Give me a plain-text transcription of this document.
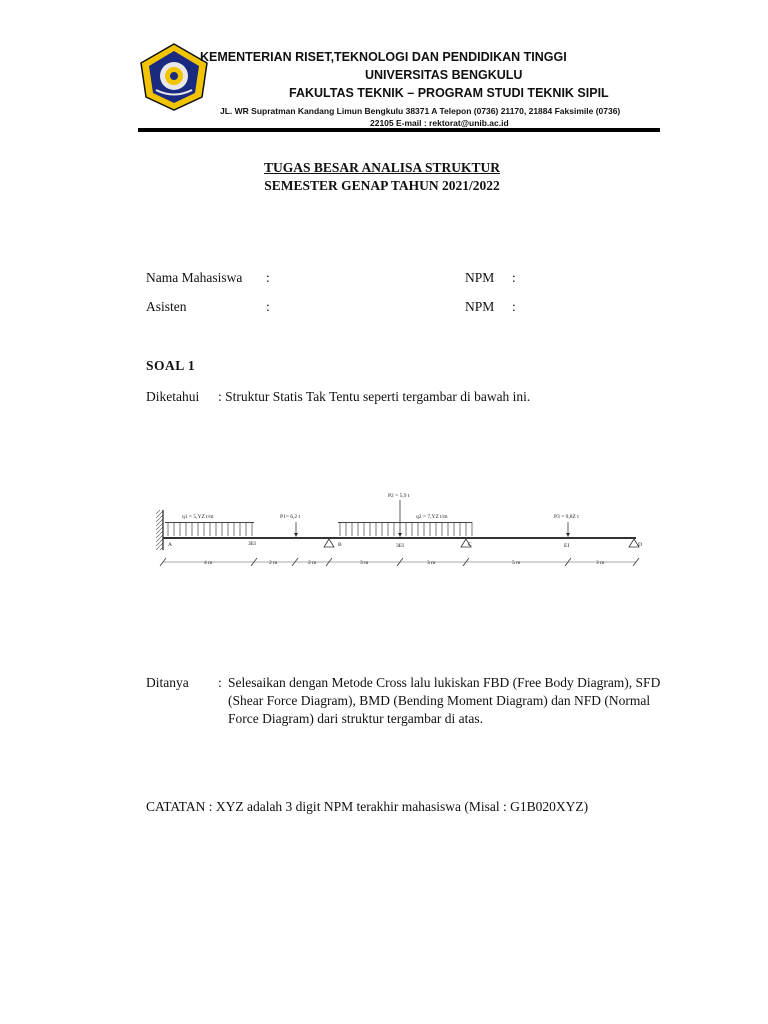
KEMENTERIAN RISET,TEKNOLOGI DAN PENDIDIKAN TINGGI
UNIVERSITAS BENGKULU
FAKULTAS TEKNIK – PROGRAM STUDI TEKNIK SIPIL
JL. WR Supratman Kandang Limun Bengkulu 38371 A Telepon (0736) 21170, 21884 Faksimile (0736)
22105 E-mail : rektorat@unib.ac.id
TUGAS BESAR ANALISA STRUKTUR
SEMESTER GENAP TAHUN 2021/2022
Nama Mahasiswa :	NPM :
Asisten	:	NPM :
SOAL 1
Diketahui : Struktur Statis Tak Tentu seperti tergambar di bawah ini.
q1 = 5,YZ t/m	P1= 6,2 t	q2 = 7,YZ t/m
P2 = 5,9 t
P3 = 9,8Z t
A	B	C	D
3EI	3EI	EI
4 m	2 m	2 m	3 m	3 m	5 m	3 m
Ditanya : Selesaikan dengan Metode Cross lalu lukiskan FBD (Free Body Diagram), SFD (Shear Force Diagram), BMD (Bending Moment Diagram) dan NFD (Normal Force Diagram) dari struktur tergambar di atas.
CATATAN : XYZ adalah 3 digit NPM terakhir mahasiswa (Misal : G1B020XYZ)
